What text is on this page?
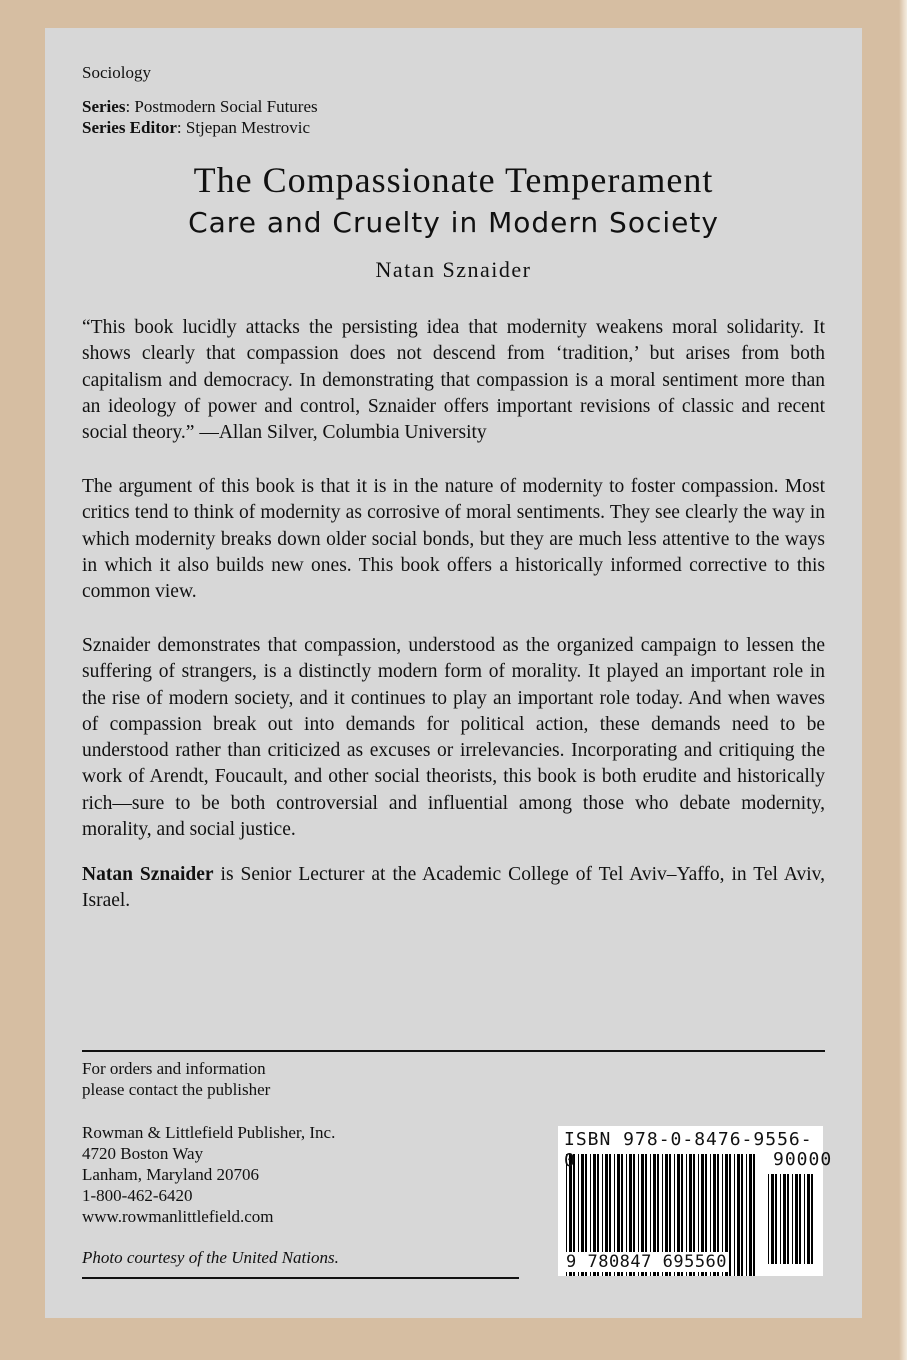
Sociology
Series: Postmodern Social Futures
Series Editor: Stjepan Mestrovic
The Compassionate Temperament
Care and Cruelty in Modern Society
Natan Sznaider
“This book lucidly attacks the persisting idea that modernity weakens moral solidarity. It shows clearly that compassion does not descend from ‘tradition,’ but arises from both capitalism and democracy. In demonstrating that compassion is a moral sentiment more than an ideology of power and control, Sznaider offers important revisions of classic and recent social theory.” —Allan Silver, Columbia University
The argument of this book is that it is in the nature of modernity to foster compassion. Most critics tend to think of modernity as corrosive of moral sentiments. They see clearly the way in which modernity breaks down older social bonds, but they are much less attentive to the ways in which it also builds new ones. This book offers a historically informed corrective to this common view.
Sznaider demonstrates that compassion, understood as the organized campaign to lessen the suffering of strangers, is a distinctly modern form of morality. It played an important role in the rise of modern society, and it continues to play an important role today. And when waves of compassion break out into demands for political action, these demands need to be understood rather than criticized as excuses or irrelevancies. Incorporating and critiquing the work of Arendt, Foucault, and other social theorists, this book is both erudite and historically rich—sure to be both controversial and influential among those who debate modernity, morality, and social justice.
Natan Sznaider is Senior Lecturer at the Academic College of Tel Aviv–Yaffo, in Tel Aviv, Israel.
For orders and information
please contact the publisher
Rowman & Littlefield Publisher, Inc.
4720 Boston Way
Lanham, Maryland 20706
1-800-462-6420
www.rowmanlittlefield.com
Photo courtesy of the United Nations.
ISBN 978-0-8476-9556-0	90000
9 780847 695560
